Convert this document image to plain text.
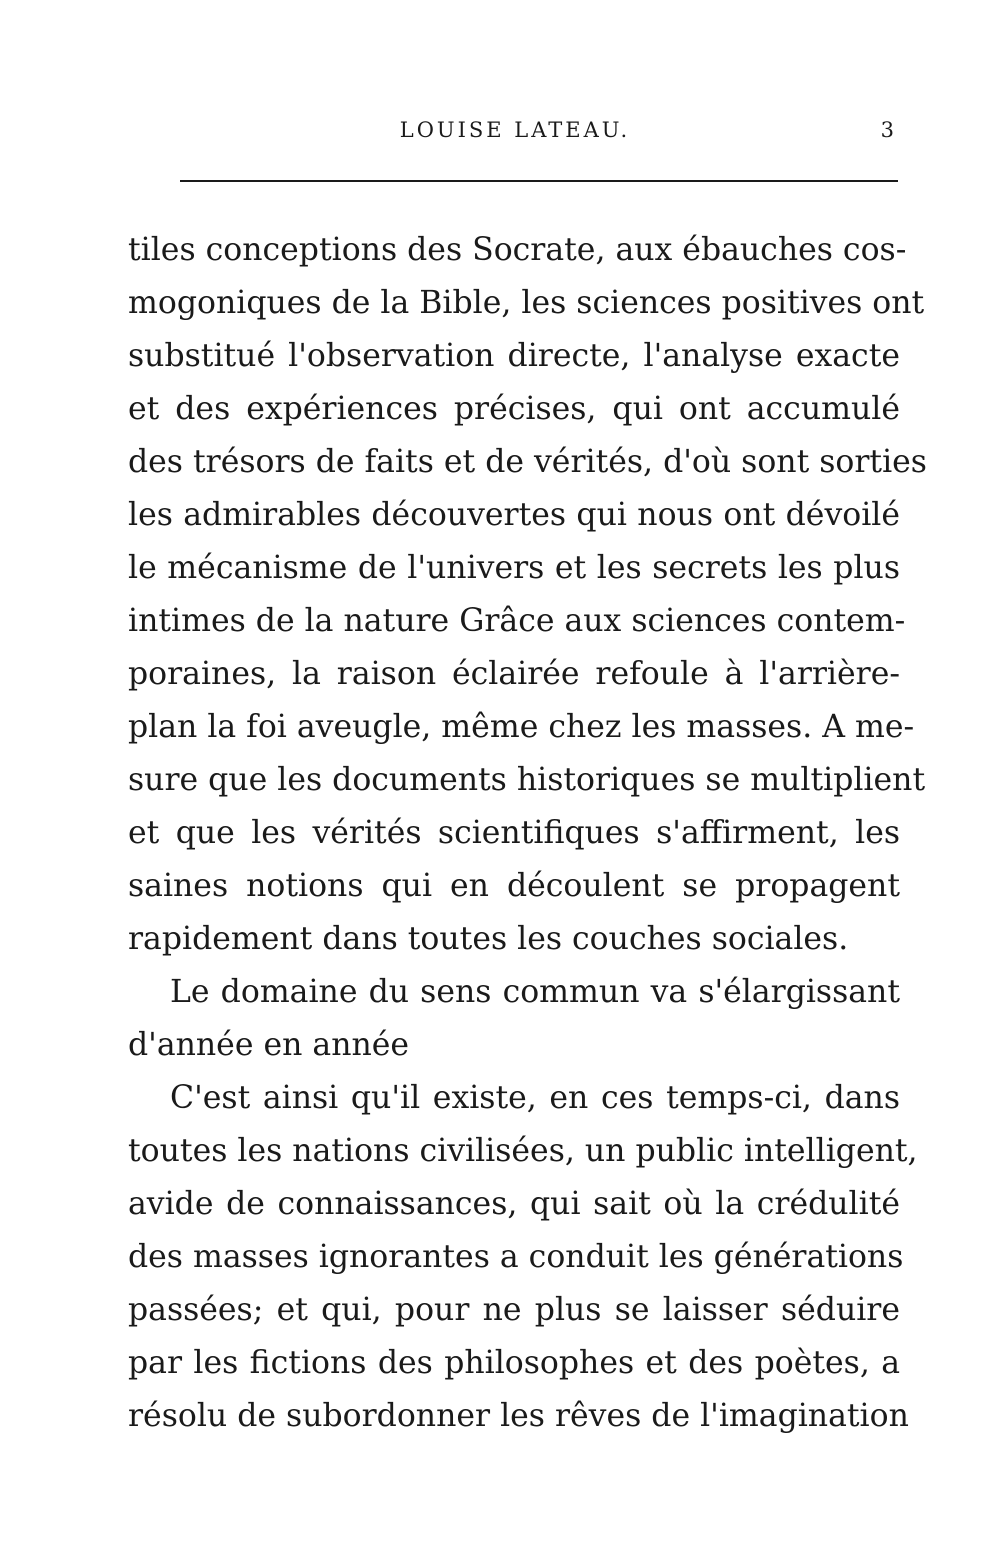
LOUISE LATEAU.	3
tiles conceptions des Socrate, aux ébauches cos-
mogoniques de la Bible, les sciences positives ont
substitué l'observation directe, l'analyse exacte
et des expériences précises, qui ont accumulé
des trésors de faits et de vérités, d'où sont sorties
les admirables découvertes qui nous ont dévoilé
le mécanisme de l'univers et les secrets les plus
intimes de la nature Grâce aux sciences contem-
poraines, la raison éclairée refoule à l'arrière-
plan la foi aveugle, même chez les masses. A me-
sure que les documents historiques se multiplient
et que les vérités scientifiques s'affirment, les
saines notions qui en découlent se propagent
rapidement dans toutes les couches sociales.
Le domaine du sens commun va s'élargissant
d'année en année
C'est ainsi qu'il existe, en ces temps-ci, dans
toutes les nations civilisées, un public intelligent,
avide de connaissances, qui sait où la crédulité
des masses ignorantes a conduit les générations
passées; et qui, pour ne plus se laisser séduire
par les fictions des philosophes et des poètes, a
résolu de subordonner les rêves de l'imagination
